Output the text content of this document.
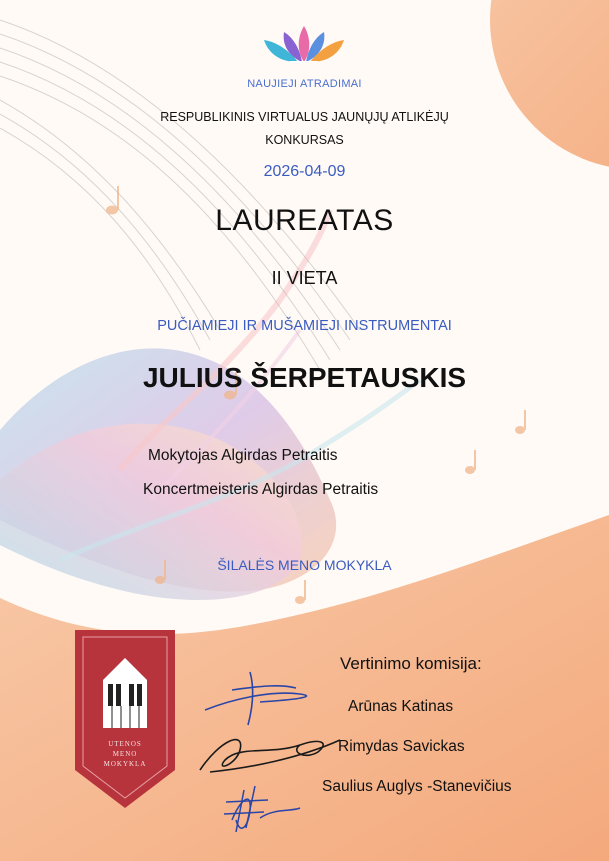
NAUJIEJI ATRADIMAI
RESPUBLIKINIS VIRTUALUS JAUNŲJŲ ATLIKĖJŲ
KONKURSAS
2026-04-09
LAUREATAS
II VIETA
PUČIAMIEJI IR MUŠAMIEJI INSTRUMENTAI
JULIUS ŠERPETAUSKIS
Mokytojas Algirdas Petraitis
Koncertmeisteris Algirdas Petraitis
ŠILALĖS MENO MOKYKLA
UTENOS
MENO
MOKYKLA
Vertinimo komisija:
Arūnas Katinas
Rimydas Savickas
Saulius Auglys -Stanevičius
